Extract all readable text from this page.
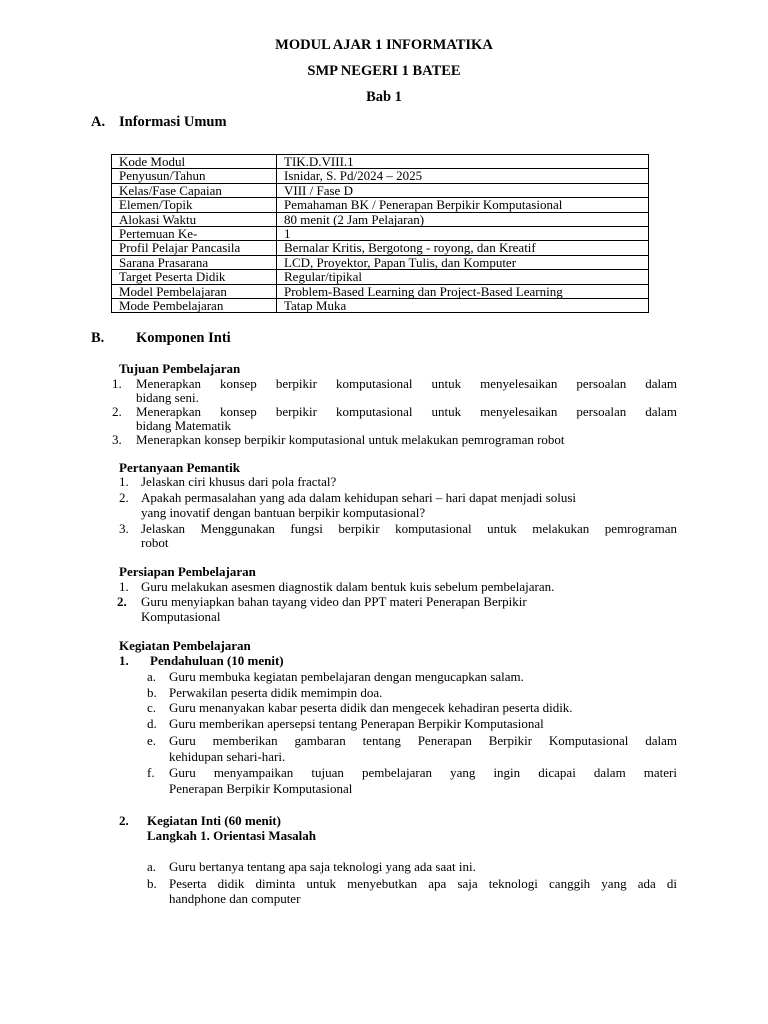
MODUL AJAR 1 INFORMATIKA
SMP NEGERI 1 BATEE
Bab 1
A. Informasi Umum
Kode Modul	TIK.D.VIII.1
Penyusun/Tahun	Isnidar, S. Pd/2024 – 2025
Kelas/Fase Capaian	VIII / Fase D
Elemen/Topik	Pemahaman BK / Penerapan Berpikir Komputasional
Alokasi Waktu	80 menit (2 Jam Pelajaran)
Pertemuan Ke-	1
Profil Pelajar Pancasila	Bernalar Kritis, Bergotong - royong, dan Kreatif
Sarana Prasarana	LCD, Proyektor, Papan Tulis, dan Komputer
Target Peserta Didik	Regular/tipikal
Model Pembelajaran	Problem-Based Learning dan Project-Based Learning
Mode Pembelajaran	Tatap Muka
B. Komponen Inti
Tujuan Pembelajaran
1. Menerapkan konsep berpikir komputasional untuk menyelesaikan persoalan dalam
bidang seni.
2. Menerapkan konsep berpikir komputasional untuk menyelesaikan persoalan dalam
bidang Matematik
3. Menerapkan konsep berpikir komputasional untuk melakukan pemrograman robot
Pertanyaan Pemantik
1. Jelaskan ciri khusus dari pola fractal?
2. Apakah permasalahan yang ada dalam kehidupan sehari – hari dapat menjadi solusi
yang inovatif dengan bantuan berpikir komputasional?
3. Jelaskan Menggunakan fungsi berpikir komputasional untuk melakukan pemrograman
robot
Persiapan Pembelajaran
1. Guru melakukan asesmen diagnostik dalam bentuk kuis sebelum pembelajaran.
2. Guru menyiapkan bahan tayang video dan PPT materi Penerapan Berpikir
Komputasional
Kegiatan Pembelajaran
1. Pendahuluan (10 menit)
a. Guru membuka kegiatan pembelajaran dengan mengucapkan salam.
b. Perwakilan peserta didik memimpin doa.
c. Guru menanyakan kabar peserta didik dan mengecek kehadiran peserta didik.
d. Guru memberikan apersepsi tentang Penerapan Berpikir Komputasional
e. Guru memberikan gambaran tentang Penerapan Berpikir Komputasional dalam
kehidupan sehari-hari.
f. Guru menyampaikan tujuan pembelajaran yang ingin dicapai dalam materi
Penerapan Berpikir Komputasional
2. Kegiatan Inti (60 menit)
Langkah 1. Orientasi Masalah
a. Guru bertanya tentang apa saja teknologi yang ada saat ini.
b. Peserta didik diminta untuk menyebutkan apa saja teknologi canggih yang ada di
handphone dan computer
